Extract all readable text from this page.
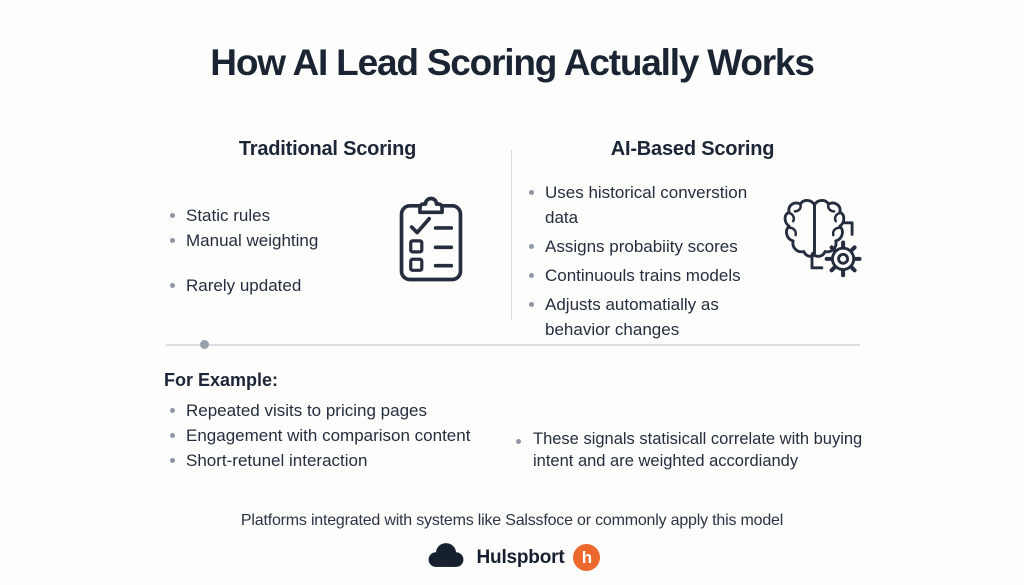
How AI Lead Scoring Actually Works
Traditional Scoring
Static rules
Manual weighting
Rarely updated
AI-Based Scoring
Uses historical converstion data
Assigns probabiity scores
Continuouls trains models
Adjusts automatially as behavior changes
For Example:
Repeated visits to pricing pages
Engagement with comparison content
Short-retunel interaction
These signals statisicall correlate with buying intent and are weighted accordiandy
Platforms integrated with systems like Salssfoce or commonly apply this model
Hulspbort	h
